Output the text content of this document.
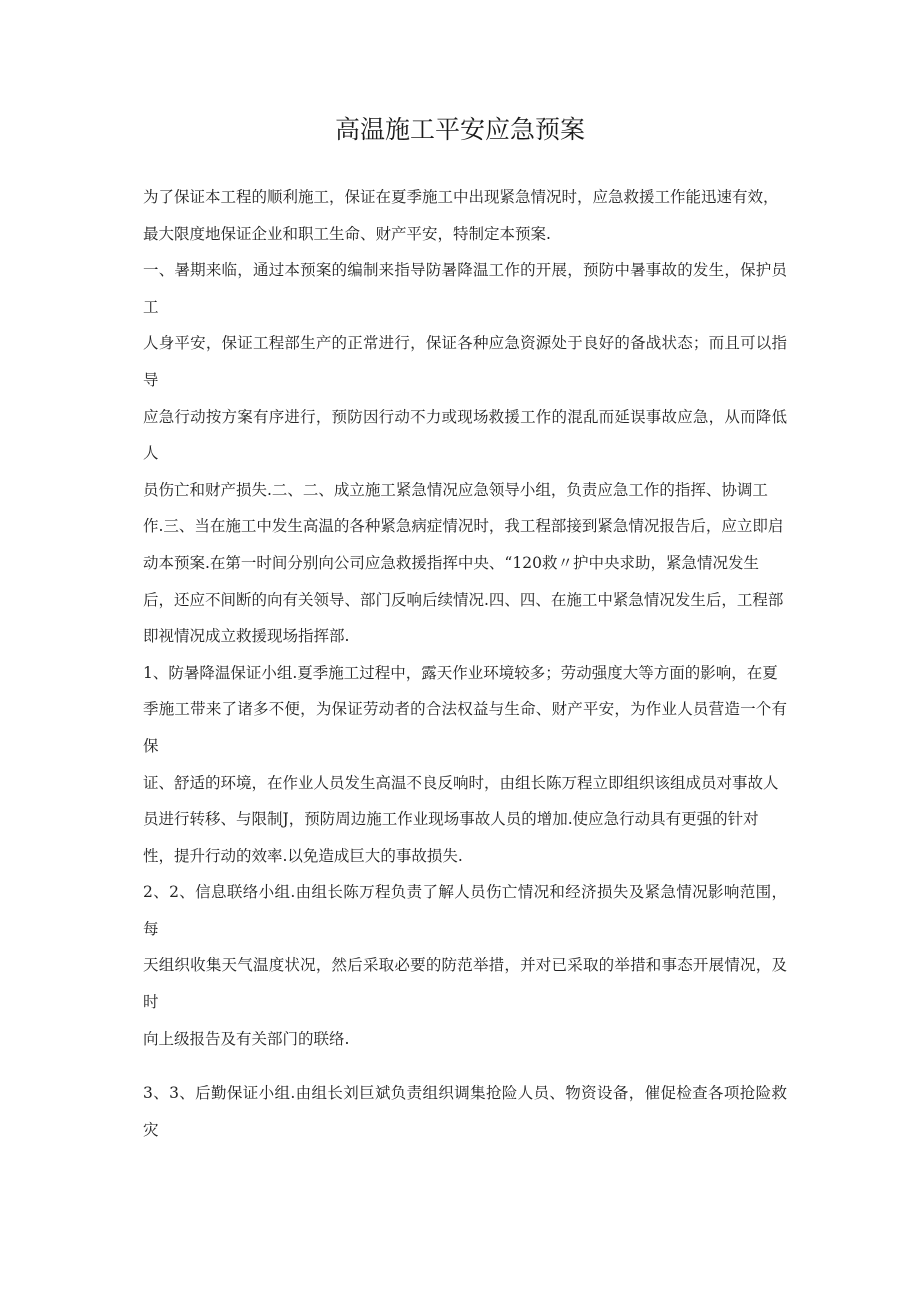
高温施工平安应急预案

为了保证本工程的顺利施工，保证在夏季施工中出现紧急情况时，应急救援工作能迅速有效，
最大限度地保证企业和职工生命、财产平安，特制定本预案.

一、暑期来临，通过本预案的编制来指导防暑降温工作的开展，预防中暑事故的发生，保护员工
人身平安，保证工程部生产的正常进行，保证各种应急资源处于良好的备战状态；而且可以指导
应急行动按方案有序进行，预防因行动不力或现场救援工作的混乱而延误事故应急，从而降低人
员伤亡和财产损失.二、二、成立施工紧急情况应急领导小组，负责应急工作的指挥、协调工
作.三、当在施工中发生高温的各种紧急病症情况时，我工程部接到紧急情况报告后，应立即启
动本预案.在第一时间分别向公司应急救援指挥中央、“120救〃护中央求助，紧急情况发生
后，还应不间断的向有关领导、部门反响后续情况.四、四、在施工中紧急情况发生后，工程部
即视情况成立救援现场指挥部.

1、防暑降温保证小组.夏季施工过程中，露天作业环境较多；劳动强度大等方面的影响，在夏
季施工带来了诸多不便，为保证劳动者的合法权益与生命、财产平安，为作业人员营造一个有保
证、舒适的环境，在作业人员发生高温不良反响时，由组长陈万程立即组织该组成员对事故人
员进行转移、与限制J，预防周边施工作业现场事故人员的增加.使应急行动具有更强的针对
性，提升行动的效率.以免造成巨大的事故损失.

2、2、信息联络小组.由组长陈万程负责了解人员伤亡情况和经济损失及紧急情况影响范围，每
天组织收集天气温度状况，然后采取必要的防范举措，并对已采取的举措和事态开展情况，及时
向上级报告及有关部门的联络.

3、3、后勤保证小组.由组长刘巨斌负责组织调集抢险人员、物资设备，催促检查各项抢险救灾
